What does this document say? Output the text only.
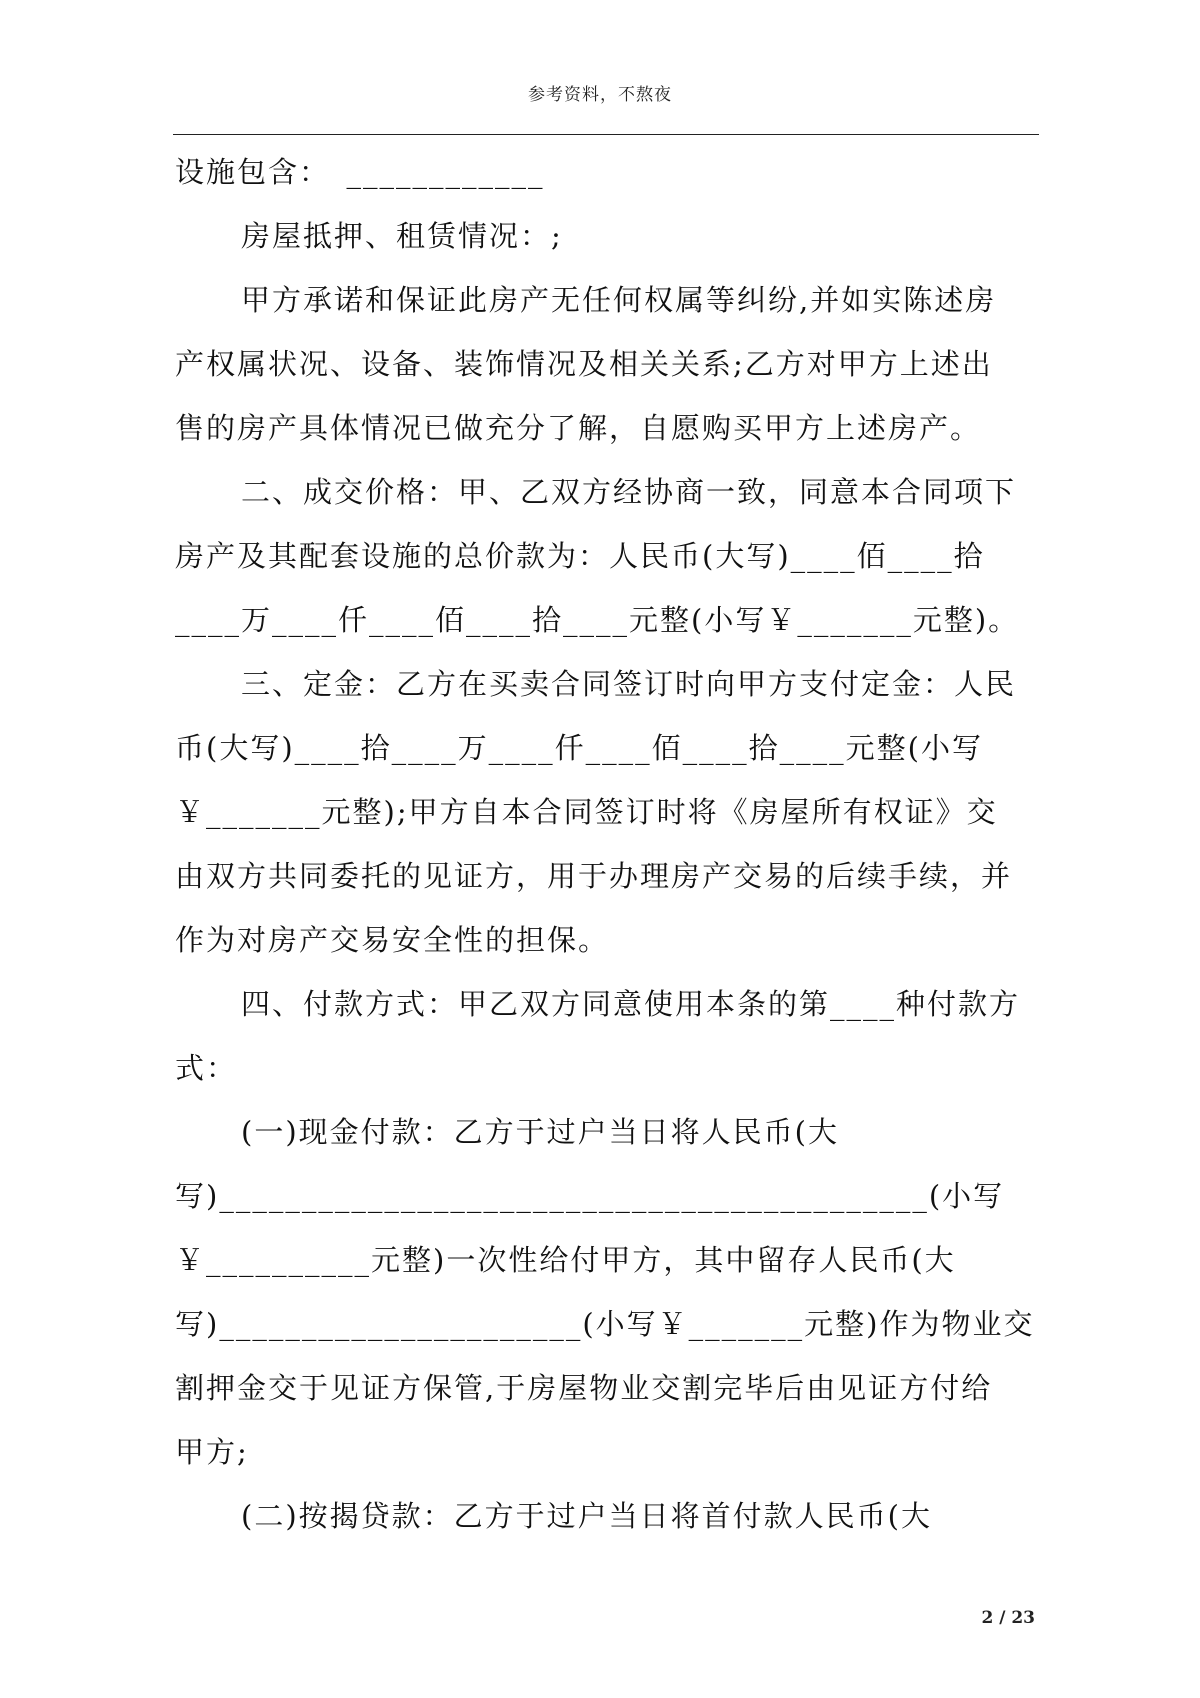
参考资料，不熬夜

设施包含：　____________

房屋抵押、租赁情况：;

甲方承诺和保证此房产无任何权属等纠纷,并如实陈述房

产权属状况、设备、装饰情况及相关关系;乙方对甲方上述出

售的房产具体情况已做充分了解，自愿购买甲方上述房产。

二、成交价格：甲、乙双方经协商一致，同意本合同项下

房产及其配套设施的总价款为：人民币(大写)____佰____拾

____万____仟____佰____拾____元整(小写￥_______元整)。

三、定金：乙方在买卖合同签订时向甲方支付定金：人民

币(大写)____拾____万____仟____佰____拾____元整(小写

￥_______元整);甲方自本合同签订时将《房屋所有权证》交

由双方共同委托的见证方，用于办理房产交易的后续手续，并

作为对房产交易安全性的担保。

四、付款方式：甲乙双方同意使用本条的第____种付款方

式：

(一)现金付款：乙方于过户当日将人民币(大

写)___________________________________________(小写

￥__________元整)一次性给付甲方，其中留存人民币(大

写)______________________(小写￥_______元整)作为物业交

割押金交于见证方保管,于房屋物业交割完毕后由见证方付给

甲方;

(二)按揭贷款：乙方于过户当日将首付款人民币(大

2 / 23
